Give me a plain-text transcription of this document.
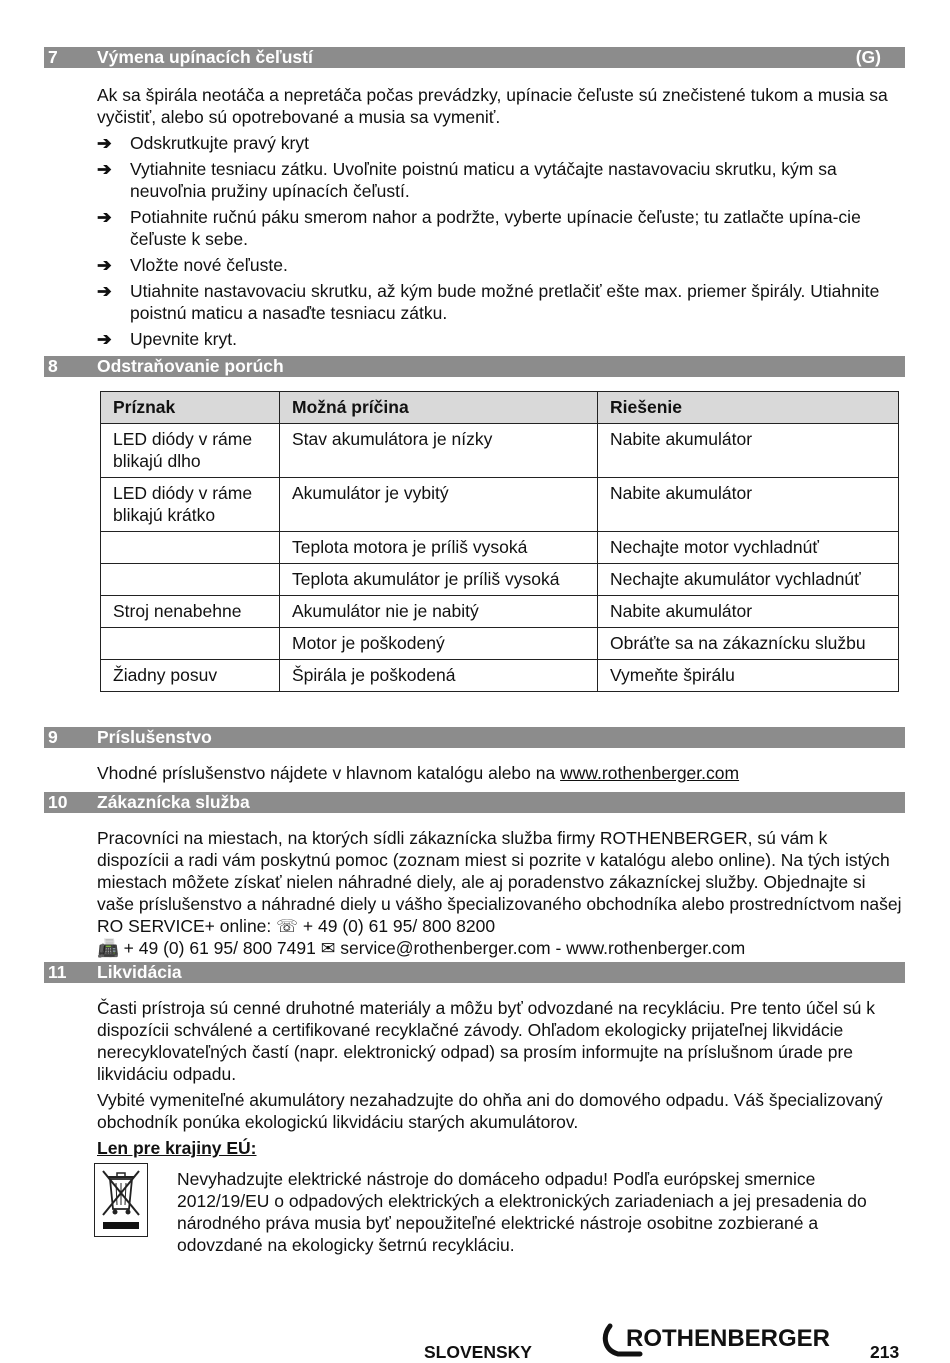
7 Výmena upínacích čeľustí	(G)

Ak sa špirála neotáča a nepretáča počas prevádzky, upínacie čeľuste sú znečistené tukom a musia sa vyčistiť, alebo sú opotrebované a musia sa vymeniť.

➔ Odskrutkujte pravý kryt
➔ Vytiahnite tesniacu zátku. Uvoľnite poistnú maticu a vytáčajte nastavovaciu skrutku, kým sa neuvoľnia pružiny upínacích čeľustí.
➔ Potiahnite ručnú páku smerom nahor a podržte, vyberte upínacie čeľuste; tu zatlačte upína-cie čeľuste k sebe.
➔ Vložte nové čeľuste.
➔ Utiahnite nastavovaciu skrutku, až kým bude možné pretlačiť ešte max. priemer špirály. Utiahnite poistnú maticu a nasaďte tesniacu zátku.
➔ Upevnite kryt.
8 Odstraňovanie porúch
Príznak	Možná príčina	Riešenie
LED diódy v ráme blikajú dlho	Stav akumulátora je nízky	Nabite akumulátor
LED diódy v ráme blikajú krátko	Akumulátor je vybitý	Nabite akumulátor
	Teplota motora je príliš vysoká	Nechajte motor vychladnúť
	Teplota akumulátor je príliš vysoká	Nechajte akumulátor vychladnúť
Stroj nenabehne	Akumulátor nie je nabitý	Nabite akumulátor
	Motor je poškodený	Obráťte sa na zákaznícku službu
Žiadny posuv	Špirála je poškodená	Vymeňte špirálu
9 Príslušenstvo

Vhodné príslušenstvo nájdete v hlavnom katalógu alebo na www.rothenberger.com

10 Zákaznícka služba

Pracovníci na miestach, na ktorých sídli zákaznícka služba firmy ROTHENBERGER, sú vám k dispozícii a radi vám poskytnú pomoc (zoznam miest si pozrite v katalógu alebo online). Na tých istých miestach môžete získať nielen náhradné diely, ale aj poradenstvo zákazníckej služby. Objednajte si vaše príslušenstvo a náhradné diely u vášho špecializovaného obchodníka alebo prostredníctvom našej RO SERVICE+ online: ☏ + 49 (0) 61 95/ 800 8200

📠 + 49 (0) 61 95/ 800 7491 ✉ service@rothenberger.com - www.rothenberger.com

11 Likvidácia

Časti prístroja sú cenné druhotné materiály a môžu byť odvozdané na recykláciu. Pre tento účel sú k dispozícii schválené a certifikované recyklačné závody. Ohľadom ekologicky prijateľnej likvidácie nerecyklovateľných častí (napr. elektronický odpad) sa prosím informujte na príslušnom úrade pre likvidáciu odpadu.

Vybité vymeniteľné akumulátory nezahadzujte do ohňa ani do domového odpadu. Váš špecializovaný obchodník ponúka ekologickú likvidáciu starých akumulátorov.

Len pre krajiny EÚ:

Nevyhadzujte elektrické nástroje do domáceho odpadu! Podľa európskej smernice 2012/19/EU o odpadových elektrických a elektronických zariadeniach a jej presadenia do národného práva musia byť nepoužiteľné elektrické nástroje osobitne zozbierané a odovzdané na ekologicky šetrnú recykláciu.
SLOVENSKY	ROTHENBERGER 213
